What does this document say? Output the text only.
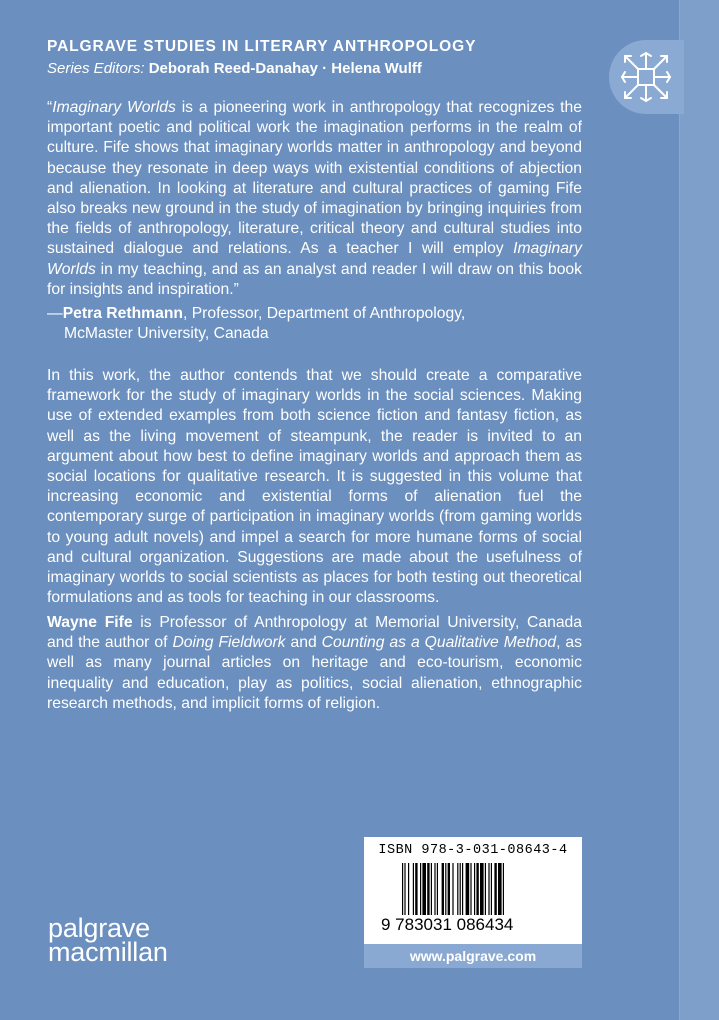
PALGRAVE STUDIES IN LITERARY ANTHROPOLOGY
Series Editors: Deborah Reed-Danahay · Helena Wulff
“Imaginary Worlds is a pioneering work in anthropology that recognizes the important poetic and political work the imagination performs in the realm of culture. Fife shows that imaginary worlds matter in anthropology and beyond because they resonate in deep ways with existential conditions of abjection and alienation. In looking at literature and cultural practices of gaming Fife also breaks new ground in the study of imagination by bringing inquiries from the fields of anthropology, literature, critical theory and cultural studies into sustained dialogue and relations. As a teacher I will employ Imaginary Worlds in my teaching, and as an analyst and reader I will draw on this book for insights and inspiration.”
—Petra Rethmann, Professor, Department of Anthropology,
McMaster University, Canada
In this work, the author contends that we should create a comparative framework for the study of imaginary worlds in the social sciences. Making use of extended examples from both science fiction and fantasy fiction, as well as the living movement of steampunk, the reader is invited to an argument about how best to define imaginary worlds and approach them as social locations for qualitative research. It is suggested in this volume that increasing economic and existential forms of alienation fuel the contemporary surge of participation in imaginary worlds (from gaming worlds to young adult novels) and impel a search for more humane forms of social and cultural organization. Suggestions are made about the usefulness of imaginary worlds to social scientists as places for both testing out theoretical formulations and as tools for teaching in our classrooms.
Wayne Fife is Professor of Anthropology at Memorial University, Canada and the author of Doing Fieldwork and Counting as a Qualitative Method, as well as many journal articles on heritage and eco-tourism, economic inequality and education, play as politics, social alienation, ethnographic research methods, and implicit forms of religion.
ISBN 978-3-031-08643-4
9 783031 086434
www.palgrave.com
palgrave
macmillan
